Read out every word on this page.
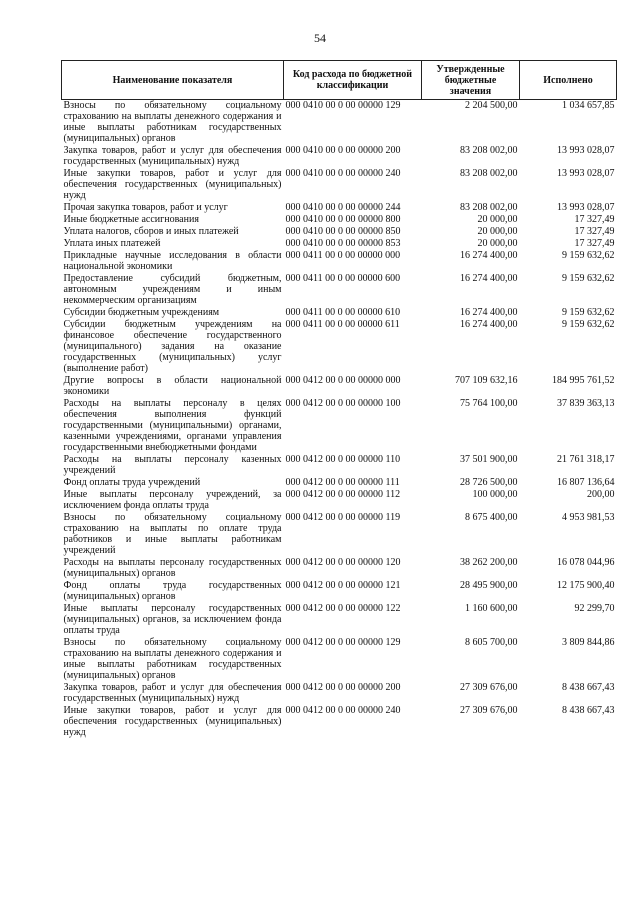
54
Наименование показателя	Код расхода по бюджетной классификации	Утвержденные бюджетные значения	Исполнено
Взносы по обязательному социальному страхованию на выплаты денежного содержания и иные выплаты работникам государственных (муниципальных) органов	000 0410 00 0 00 00000 129	2 204 500,00	1 034 657,85
Закупка товаров, работ и услуг для обеспечения государственных (муниципальных) нужд	000 0410 00 0 00 00000 200	83 208 002,00	13 993 028,07
Иные закупки товаров, работ и услуг для обеспечения государственных (муниципальных) нужд	000 0410 00 0 00 00000 240	83 208 002,00	13 993 028,07
Прочая закупка товаров, работ и услуг	000 0410 00 0 00 00000 244	83 208 002,00	13 993 028,07
Иные бюджетные ассигнования	000 0410 00 0 00 00000 800	20 000,00	17 327,49
Уплата налогов, сборов и иных платежей	000 0410 00 0 00 00000 850	20 000,00	17 327,49
Уплата иных платежей	000 0410 00 0 00 00000 853	20 000,00	17 327,49
Прикладные научные исследования в области национальной экономики	000 0411 00 0 00 00000 000	16 274 400,00	9 159 632,62
Предоставление субсидий бюджетным, автономным учреждениям и иным некоммерческим организациям	000 0411 00 0 00 00000 600	16 274 400,00	9 159 632,62
Субсидии бюджетным учреждениям	000 0411 00 0 00 00000 610	16 274 400,00	9 159 632,62
Субсидии бюджетным учреждениям на финансовое обеспечение государственного (муниципального) задания на оказание государственных (муниципальных) услуг (выполнение работ)	000 0411 00 0 00 00000 611	16 274 400,00	9 159 632,62
Другие вопросы в области национальной экономики	000 0412 00 0 00 00000 000	707 109 632,16	184 995 761,52
Расходы на выплаты персоналу в целях обеспечения выполнения функций государственными (муниципальными) органами, казенными учреждениями, органами управления государственными внебюджетными фондами	000 0412 00 0 00 00000 100	75 764 100,00	37 839 363,13
Расходы на выплаты персоналу казенных учреждений	000 0412 00 0 00 00000 110	37 501 900,00	21 761 318,17
Фонд оплаты труда учреждений	000 0412 00 0 00 00000 111	28 726 500,00	16 807 136,64
Иные выплаты персоналу учреждений, за исключением фонда оплаты труда	000 0412 00 0 00 00000 112	100 000,00	200,00
Взносы по обязательному социальному страхованию на выплаты по оплате труда работников и иные выплаты работникам учреждений	000 0412 00 0 00 00000 119	8 675 400,00	4 953 981,53
Расходы на выплаты персоналу государственных (муниципальных) органов	000 0412 00 0 00 00000 120	38 262 200,00	16 078 044,96
Фонд оплаты труда государственных (муниципальных) органов	000 0412 00 0 00 00000 121	28 495 900,00	12 175 900,40
Иные выплаты персоналу государственных (муниципальных) органов, за исключением фонда оплаты труда	000 0412 00 0 00 00000 122	1 160 600,00	92 299,70
Взносы по обязательному социальному страхованию на выплаты денежного содержания и иные выплаты работникам государственных (муниципальных) органов	000 0412 00 0 00 00000 129	8 605 700,00	3 809 844,86
Закупка товаров, работ и услуг для обеспечения государственных (муниципальных) нужд	000 0412 00 0 00 00000 200	27 309 676,00	8 438 667,43
Иные закупки товаров, работ и услуг для обеспечения государственных (муниципальных) нужд	000 0412 00 0 00 00000 240	27 309 676,00	8 438 667,43
